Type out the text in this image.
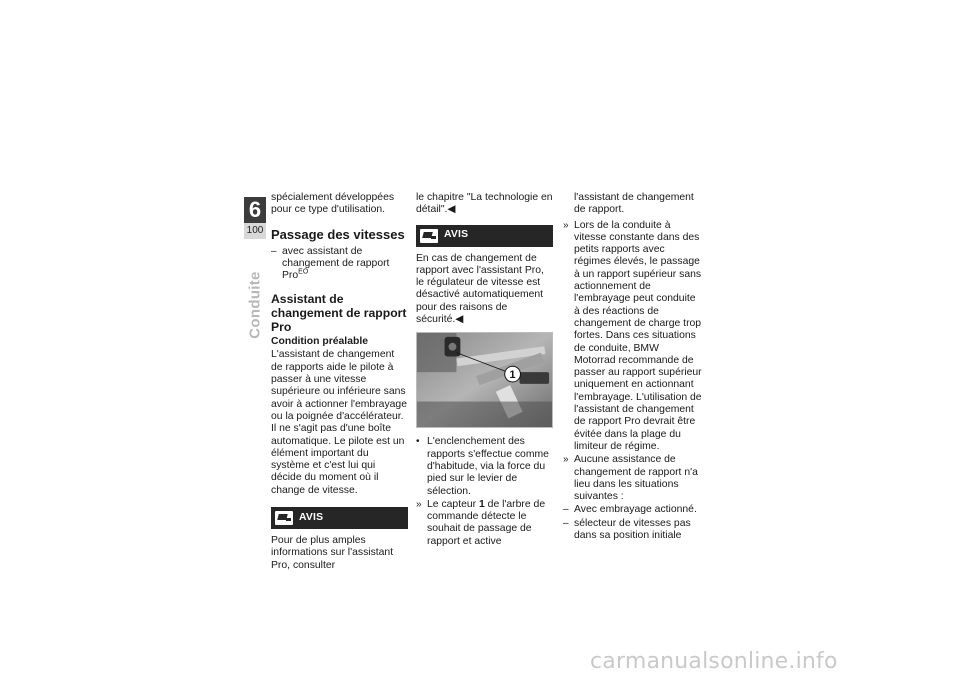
6
100
Conduite

spécialement développées pour ce type d'utilisation.

Passage des vitesses
– avec assistant de changement de rapport Pro$^{EO}$
Assistant de changement de rapport Pro
Condition préalable

L'assistant de changement de rapports aide le pilote à passer à une vitesse supérieure ou inférieure sans avoir à actionner l'embrayage ou la poignée d'accélérateur. Il ne s'agit pas d'une boîte automatique. Le pilote est un élément important du système et c'est lui qui décide du moment où il change de vitesse.

AVIS

Pour de plus amples informations sur l'assistant Pro, consulter

le chapitre "La technologie en détail".◀

AVIS

En cas de changement de rapport avec l'assistant Pro, le régulateur de vitesse est désactivé automatiquement pour des raisons de sécurité.◀

1
• L'enclenchement des rapports s'effectue comme d'habitude, via la force du pied sur le levier de sélection.
» Le capteur 1 de l'arbre de commande détecte le souhait de passage de rapport et active

l'assistant de changement de rapport.

» Lors de la conduite à vitesse constante dans des petits rapports avec régimes élevés, le passage à un rapport supérieur sans actionnement de l'embrayage peut conduite à des réactions de changement de charge trop fortes. Dans ces situations de conduite, BMW Motorrad recommande de passer au rapport supérieur uniquement en actionnant l'embrayage. L'utilisation de l'assistant de changement de rapport Pro devrait être évitée dans la plage du limiteur de régime.
» Aucune assistance de changement de rapport n'a lieu dans les situations suivantes :
– Avec embrayage actionné.
– sélecteur de vitesses pas dans sa position initiale
carmanualsonline.info
